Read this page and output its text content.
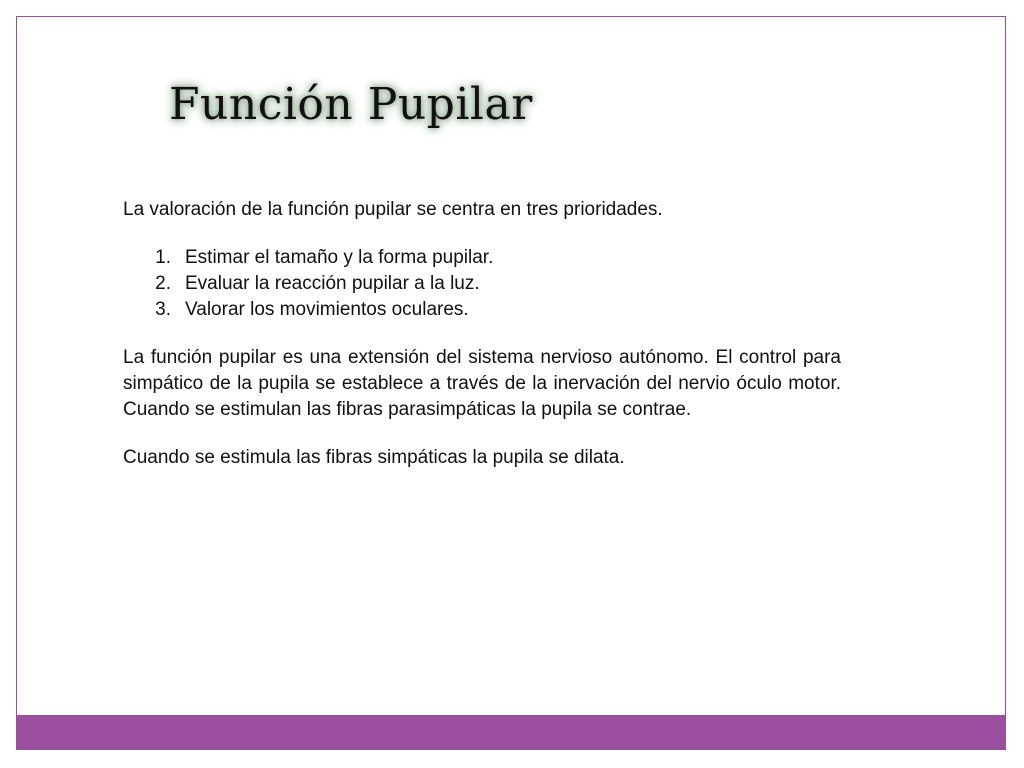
Función Pupilar

La valoración de la función pupilar se centra en tres prioridades.

1. Estimar el tamaño y la forma pupilar.
2. Evaluar la reacción pupilar a la luz.
3. Valorar los movimientos oculares.

La función pupilar es una extensión del sistema nervioso autónomo. El control para simpático de la pupila se establece a través de la inervación del nervio óculo motor. Cuando se estimulan las fibras parasimpáticas la pupila se contrae.

Cuando se estimula las fibras simpáticas la pupila se dilata.
